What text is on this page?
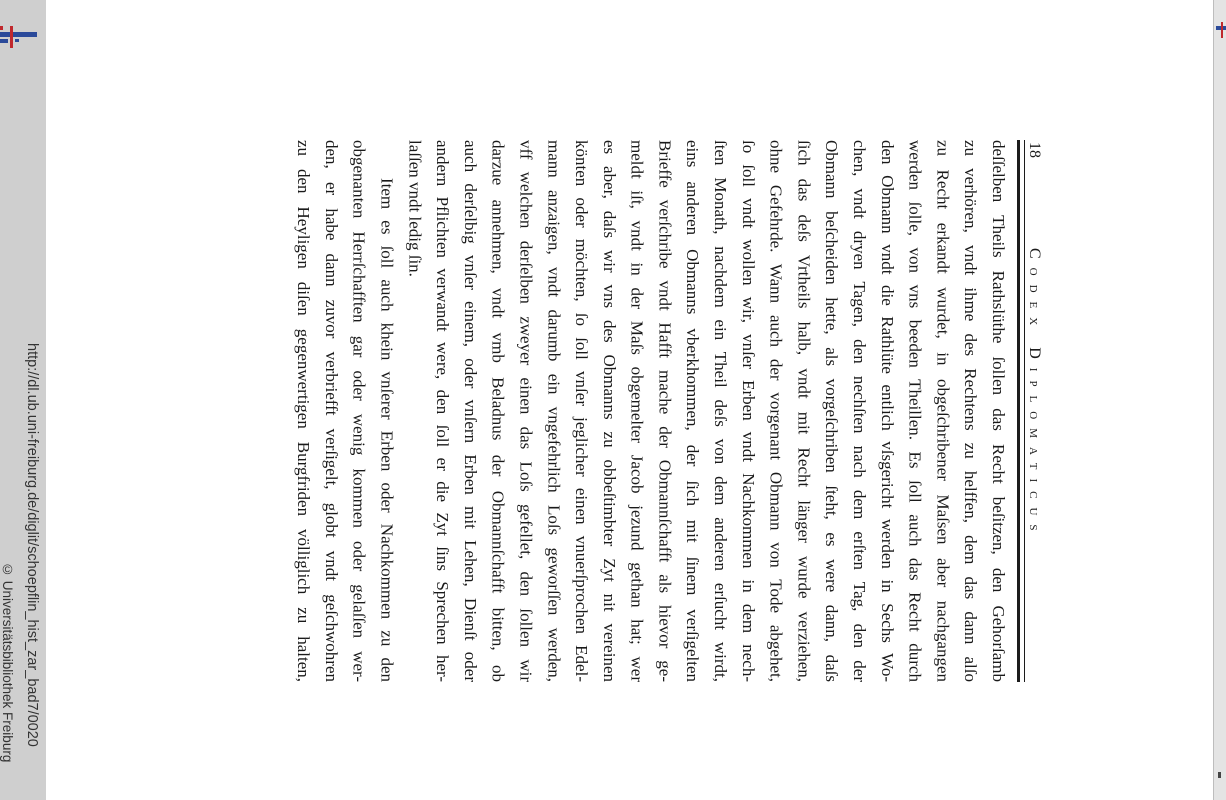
http://dl.ub.uni-freiburg.de/diglit/schoepflin_hist_zar_bad7/0020
© Universitätsbibliothek Freiburg
18
Codex Diplomaticus
deſſelben Theils Rathslüthe ſollen das Recht beſitzen, den Gehorſamb
zu verhören, vndt ihme des Rechtens zu helffen, dem das dann alſo
zu Recht erkandt wurdet, in obgeſchribener Maſsen aber nachgangen
werden ſolle, von vns beeden Theillen. Es ſoll auch das Recht durch
den Obmann vndt die Rathlüte entlich vſsgericht werden in Sechs Wo-
chen, vndt dryen Tagen, den nechſten nach dem erſten Tag, den der
Obmann beſcheiden hette, als vorgeſchriben ſteht, es were dann, daſs
ſich das deſs Vrtheils halb, vndt mit Recht länger wurde verziehen,
ohne Gefehrde. Wann auch der vorgenant Obmann von Tode abgehet,
ſo ſoll vndt wollen wir, vnſer Erben vndt Nachkommen in dem nech-
ſten Monath, nachdem ein Theil deſs von dem anderen erſucht wirdt,
eins anderen Obmanns vberkhommen, der ſich mit ſinem verſigelten
Brieffe verſchribe vndt Hafft mache der Obmannſchafft als hievor ge-
meldt iſt, vndt in der Maſs obgemelter Jacob jezund gethan hat; wer
es aber, daſs wir vns des Obmanns zu obbeſtimbter Zyt nit vereinen
könten oder möchten, ſo ſoll vnſer jeglicher einen vnuerſprochen Edel-
mann anzaigen, vndt darumb ein vngefehrlich Loſs geworſſen werden,
vff welchen derſelben zweyer einen das Loſs gefellet, den ſollen wir
darzue annehmen, vndt vmb Beladnus der Obmannſchafft bitten, ob
auch derſelbig vnſer einem, oder vnſern Erben mit Lehen, Dienſt oder
andern Pflichten verwandt were, den ſoll er die Zyt ſins Sprechen her-
laſſen vndt ledig ſin.
Item es ſoll auch khein vnſerer Erben oder Nachkommen zu den
obgenanten Herrſchafften gar oder wenig kommen oder gelaſſen wer-
den, er habe dann zuvor verbriefft verſigelt, globt vndt geſchwohren
zu den Heyligen diſen gegenwertigen Burgfriden völliglich zu halten,
